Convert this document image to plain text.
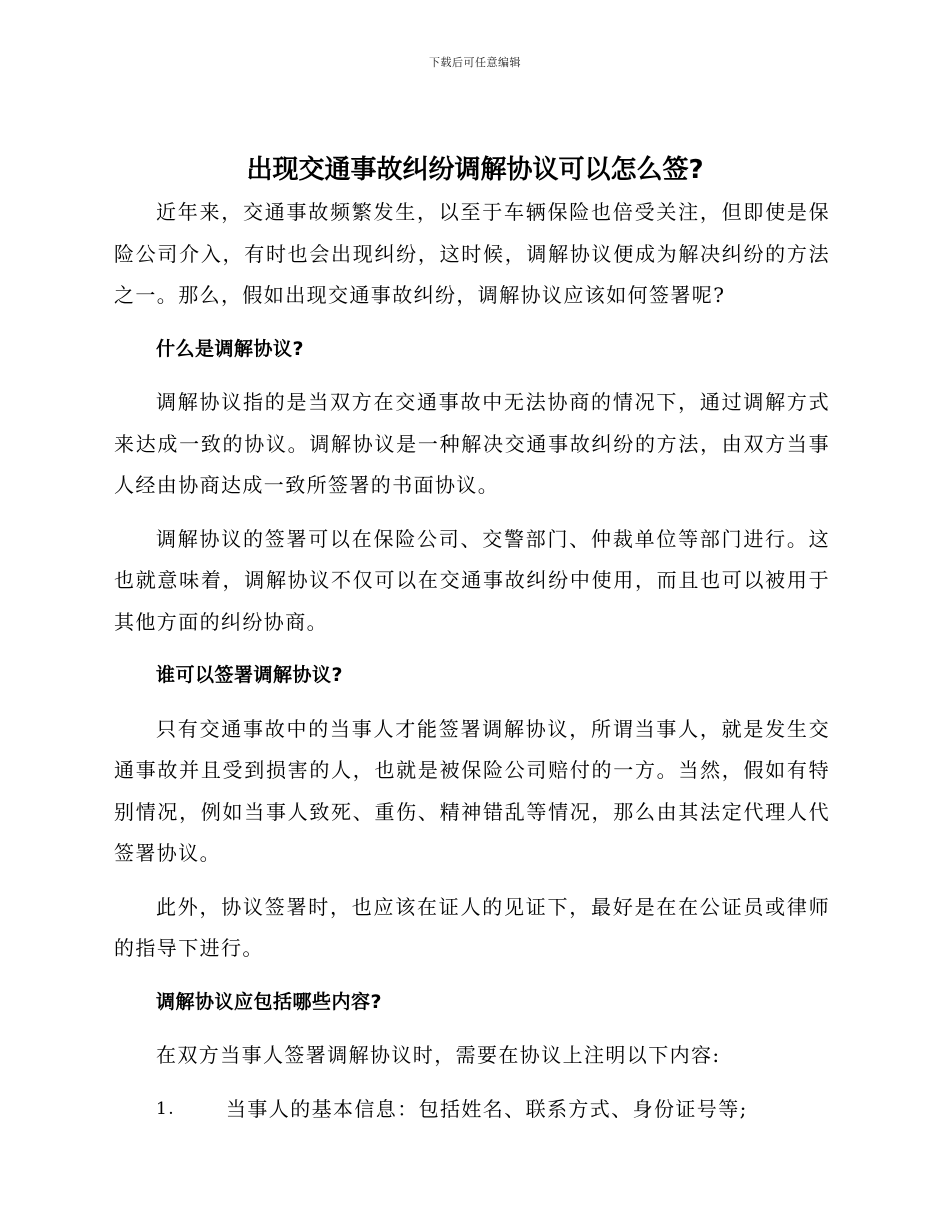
下载后可任意编辑
出现交通事故纠纷调解协议可以怎么签?

近年来，交通事故频繁发生，以至于车辆保险也倍受关注，但即使是保险公司介入，有时也会出现纠纷，这时候，调解协议便成为解决纠纷的方法之一。那么，假如出现交通事故纠纷，调解协议应该如何签署呢?

什么是调解协议?

调解协议指的是当双方在交通事故中无法协商的情况下，通过调解方式来达成一致的协议。调解协议是一种解决交通事故纠纷的方法，由双方当事人经由协商达成一致所签署的书面协议。

调解协议的签署可以在保险公司、交警部门、仲裁单位等部门进行。这也就意味着，调解协议不仅可以在交通事故纠纷中使用，而且也可以被用于其他方面的纠纷协商。

谁可以签署调解协议?

只有交通事故中的当事人才能签署调解协议，所谓当事人，就是发生交通事故并且受到损害的人，也就是被保险公司赔付的一方。当然，假如有特别情况，例如当事人致死、重伤、精神错乱等情况，那么由其法定代理人代签署协议。

此外，协议签署时，也应该在证人的见证下，最好是在在公证员或律师的指导下进行。

调解协议应包括哪些内容?

在双方当事人签署调解协议时，需要在协议上注明以下内容:

1.	当事人的基本信息：包括姓名、联系方式、身份证号等;
